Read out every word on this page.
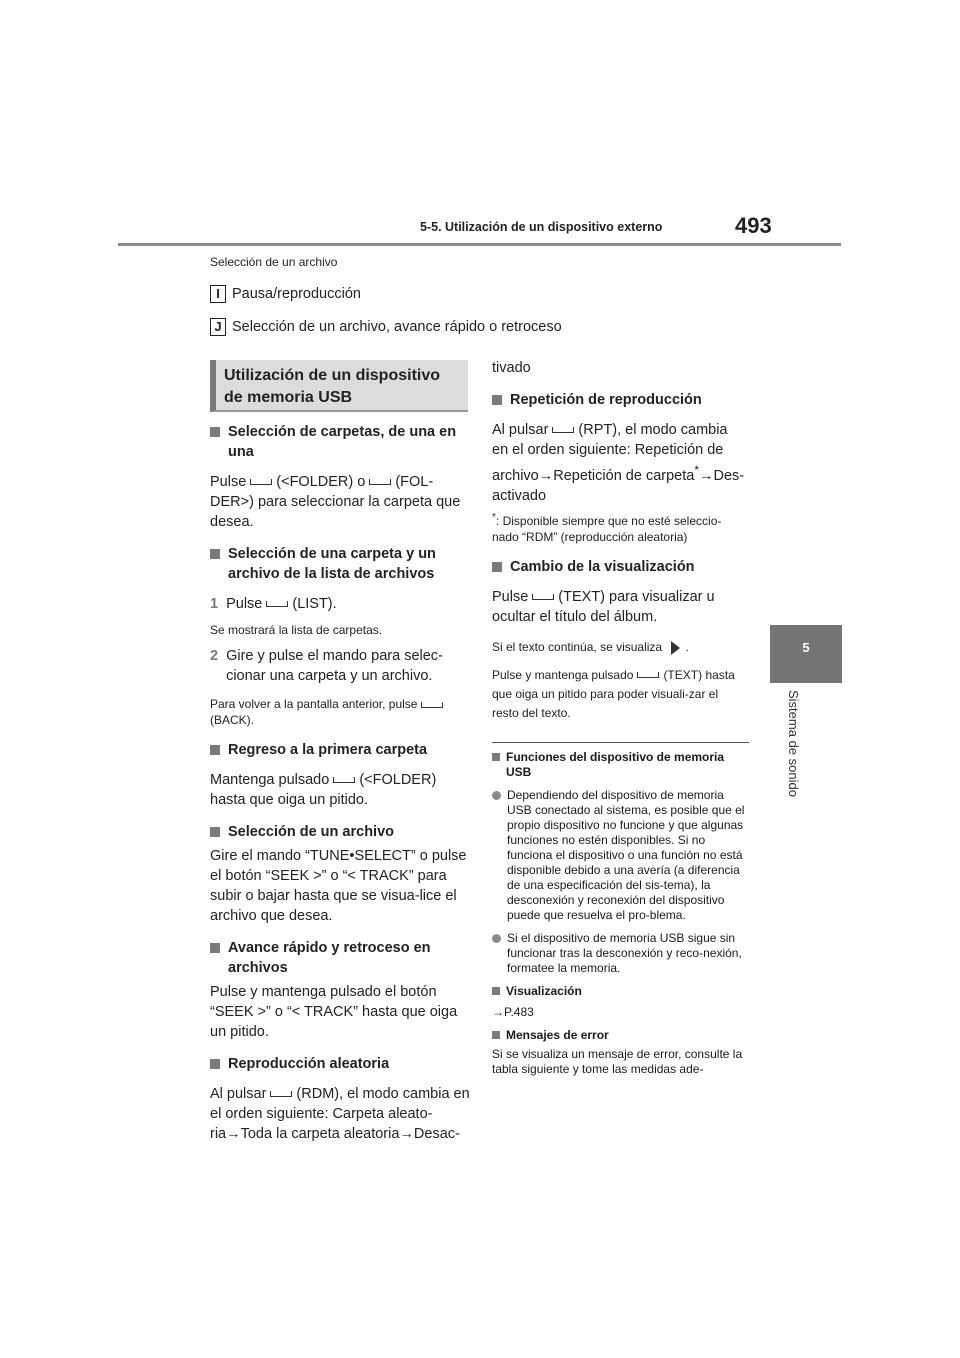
5-5. Utilización de un dispositivo externo	493
5
Sistema de sonido
Selección de un archivo
I Pausa/reproducción
J Selección de un archivo, avance rápido o retroceso
Utilización de un dispositivo de memoria USB
Selección de carpetas, de una en una
Pulse (<FOLDER) o (FOL- DER>) para seleccionar la carpeta que desea.
Selección de una carpeta y un archivo de la lista de archivos
1 Pulse (LIST).
Se mostrará la lista de carpetas.
2 Gire y pulse el mando para selec-cionar una carpeta y un archivo.
Para volver a la pantalla anterior, pulse (BACK).
Regreso a la primera carpeta
Mantenga pulsado (<FOLDER) hasta que oiga un pitido.
Selección de un archivo
Gire el mando “TUNE•SELECT” o pulse el botón “SEEK >” o “< TRACK” para subir o bajar hasta que se visua-lice el archivo que desea.
Avance rápido y retroceso en archivos
Pulse y mantenga pulsado el botón “SEEK >” o “< TRACK” hasta que oiga un pitido.
Reproducción aleatoria
Al pulsar (RDM), el modo cambia en el orden siguiente: Carpeta aleato-ria→Toda la carpeta aleatoria→Desac-
tivado
Repetición de reproducción
Al pulsar (RPT), el modo cambia en el orden siguiente: Repetición de archivo→Repetición de carpeta*→Des- activado
*: Disponible siempre que no esté seleccio-nado “RDM” (reproducción aleatoria)
Cambio de la visualización
Pulse (TEXT) para visualizar u ocultar el título del álbum.
Si el texto continúa, se visualiza .
Pulse y mantenga pulsado	(TEXT) hasta que oiga un pitido para poder visuali-zar el resto del texto.
Funciones del dispositivo de memoria USB
Dependiendo del dispositivo de memoria USB conectado al sistema, es posible que el propio dispositivo no funcione y que algunas funciones no estén disponibles. Si no funciona el dispositivo o una función no está disponible debido a una avería (a diferencia de una especificación del sis-tema), la desconexión y reconexión del dispositivo puede que resuelva el pro-blema.
Si el dispositivo de memoria USB sigue sin funcionar tras la desconexión y reco-nexión, formatee la memoria.
Visualización
→P.483
Mensajes de error
Si se visualiza un mensaje de error, consulte la tabla siguiente y tome las medidas ade-
